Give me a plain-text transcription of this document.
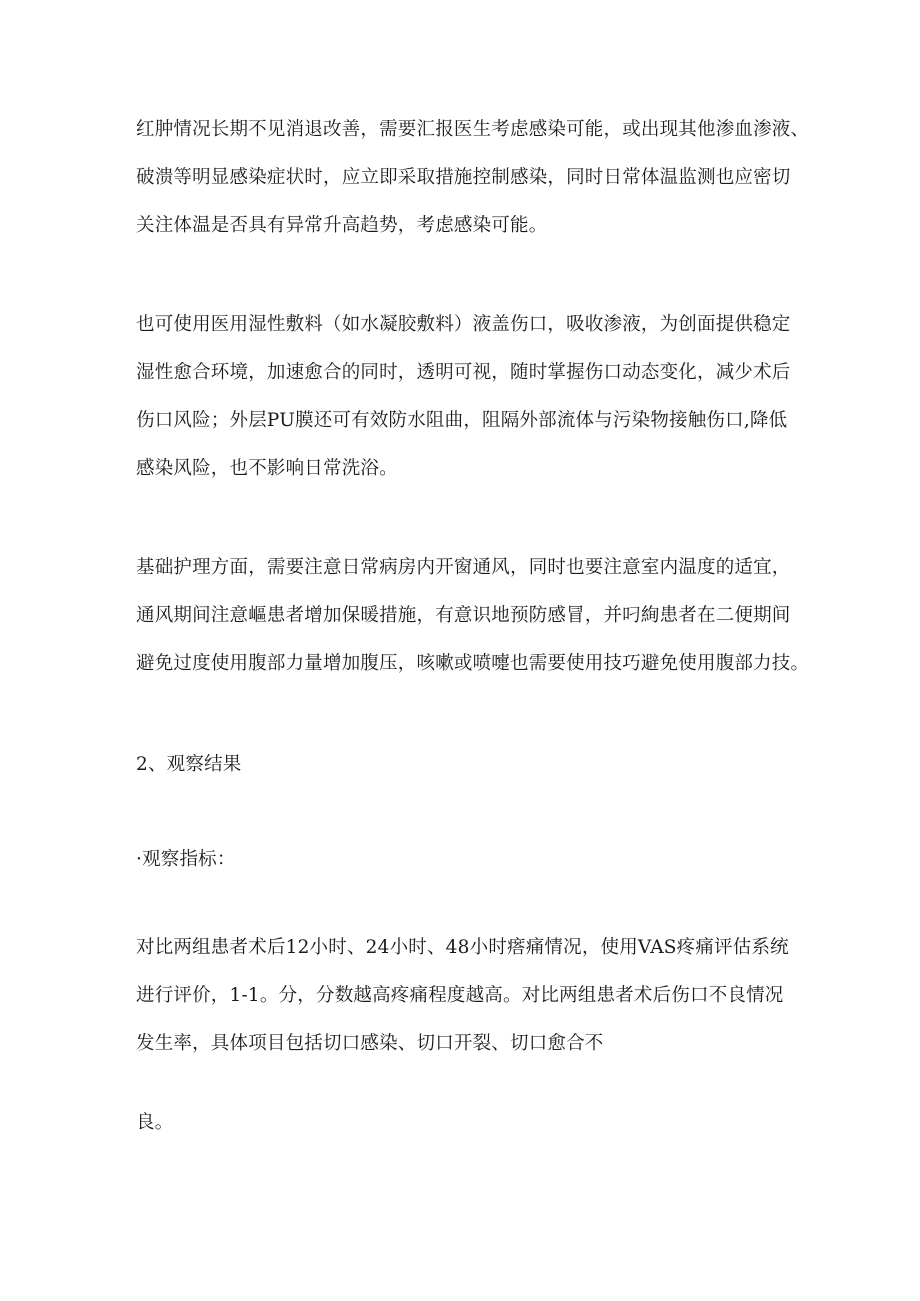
红肿情况长期不见消退改善，需要汇报医生考虑感染可能，或出现其他渗血渗液、
破溃等明显感染症状时，应立即采取措施控制感染，同时日常体温监测也应密切
关注体温是否具有异常升高趋势，考虑感染可能。
也可使用医用湿性敷料（如水凝胶敷料）液盖伤口，吸收渗液，为创面提供稳定
湿性愈合环境，加速愈合的同时，透明可视，随时掌握伤口动态变化，减少术后
伤口风险；外层PU膜还可有效防水阻曲，阻隔外部流体与污染物接触伤口,降低
感染风险，也不影响日常洗浴。
基础护理方面，需要注意日常病房内开窗通风，同时也要注意室内温度的适宜，
通风期间注意嶇患者增加保暖措施，有意识地预防感冒，并叼絢患者在二便期间
避免过度使用腹部力量增加腹压，咳嗽或喷嚏也需要使用技巧避免使用腹部力技。
2、观察结果
·观察指标：
对比两组患者术后12小时、24小时、48小时瘩痛情况，使用VAS疼痛评估系统
进行评价，1-1。分，分数越高疼痛程度越高。对比两组患者术后伤口不良情况
发生率，具体项目包括切口感染、切口开裂、切口愈合不
良。
